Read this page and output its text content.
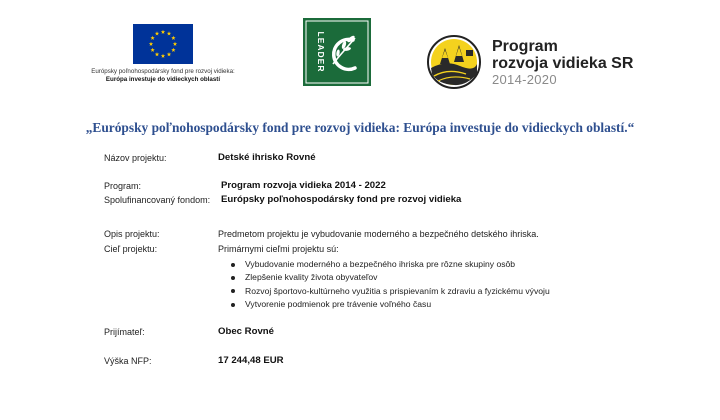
Európsky poľnohospodársky fond pre rozvoj vidieka:
Európa investuje do vidieckych oblastí
LEADER	Program
rozvoja vidieka SR
2014-2020
„Európsky poľnohospodársky fond pre rozvoj vidieka: Európa investuje do vidieckych oblastí.“
Názov projektu:	Detské ihrisko Rovné
Program:	Program rozvoja vidieka 2014 - 2022
Spolufinancovaný fondom: Európsky poľnohospodársky fond pre rozvoj vidieka
Opis projektu:	Predmetom projektu je vybudovanie moderného a bezpečného detského ihriska.
Cieľ projektu:	Primárnymi cieľmi projektu sú:
Vybudovanie moderného a bezpečného ihriska pre rôzne skupiny osôb
Zlepšenie kvality života obyvateľov
Rozvoj športovo-kultúrneho využitia s prispievaním k zdraviu a fyzickému vývoju
Vytvorenie podmienok pre trávenie voľného času
Prijímateľ:	Obec Rovné
Výška NFP:	17 244,48 EUR
